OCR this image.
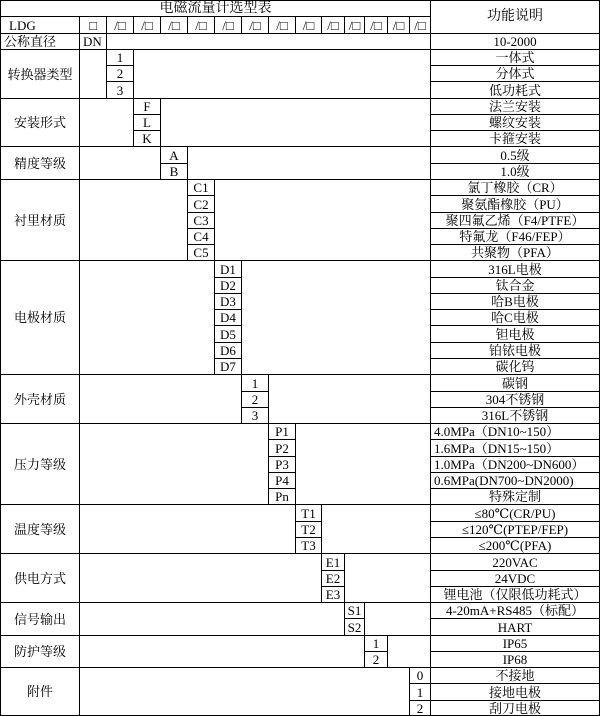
电磁流量计选型表
功能说明
LDG	□	/□	/□	/□	/□	/□	/□	/□	/□	/□ /□ /□ /□ /□
公称直径	DN	10-2000
转换器类型
1	一体式
2	分体式
3	低功耗式
安装形式
F	法兰安装
L	螺纹安装
K	卡箍安装
精度等级
A	0.5级
B	1.0级
衬里材质
C1	氯丁橡胶（CR）
C2	聚氨酯橡胶（PU）
C3	聚四氟乙烯（F4/PTFE）
C4	特氟龙（F46/FEP）
C5	共聚物（PFA）
电极材质
D1	316L电极
D2	钛合金
D3	哈B电极
D4	哈C电极
D5	钽电极
D6	铂铱电极
D7	碳化钨
外壳材质
1	碳钢
2	304不锈钢
3	316L不锈钢
压力等级
P1	4.0MPa（DN10~150）
P2	1.6MPa（DN15~150）
P3	1.0MPa（DN200~DN600）
P4	0.6MPa(DN700~DN2000)
Pn	特殊定制
温度等级
T1	≤80℃(CR/PU)
T2	≤120℃(PTEP/FEP)
T3	≤200℃(PFA)
供电方式
E1	220VAC
E2	24VDC
E3	锂电池（仅限低功耗式）
信号输出
S1	4-20mA+RS485（标配）
S2	HART
防护等级
1	IP65
2	IP68
附件
0	不接地
1	接地电极
2	刮刀电极
